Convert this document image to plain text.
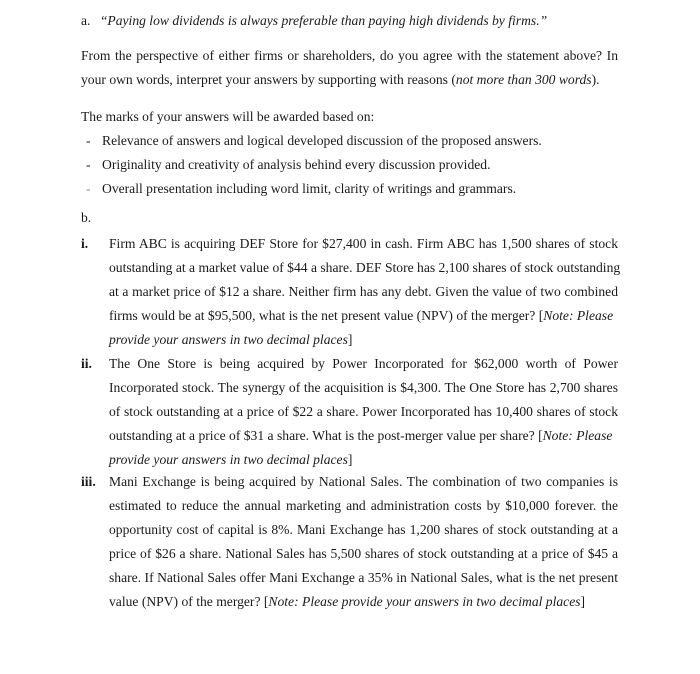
a. “Paying low dividends is always preferable than paying high dividends by firms.”
From the perspective of either firms or shareholders, do you agree with the statement above? In
your own words, interpret your answers by supporting with reasons (not more than 300 words).
The marks of your answers will be awarded based on:
- Relevance of answers and logical developed discussion of the proposed answers.
- Originality and creativity of analysis behind every discussion provided.
- Overall presentation including word limit, clarity of writings and grammars.
b.
i. Firm ABC is acquiring DEF Store for $27,400 in cash. Firm ABC has 1,500 shares of stock
outstanding at a market value of $44 a share. DEF Store has 2,100 shares of stock outstanding
at a market price of $12 a share. Neither firm has any debt. Given the value of two combined
firms would be at $95,500, what is the net present value (NPV) of the merger? [Note: Please
provide your answers in two decimal places]
ii. The One Store is being acquired by Power Incorporated for $62,000 worth of Power
Incorporated stock. The synergy of the acquisition is $4,300. The One Store has 2,700 shares
of stock outstanding at a price of $22 a share. Power Incorporated has 10,400 shares of stock
outstanding at a price of $31 a share. What is the post-merger value per share? [Note: Please
provide your answers in two decimal places]
iii. Mani Exchange is being acquired by National Sales. The combination of two companies is
estimated to reduce the annual marketing and administration costs by $10,000 forever. the
opportunity cost of capital is 8%. Mani Exchange has 1,200 shares of stock outstanding at a
price of $26 a share. National Sales has 5,500 shares of stock outstanding at a price of $45 a
share. If National Sales offer Mani Exchange a 35% in National Sales, what is the net present
value (NPV) of the merger? [Note: Please provide your answers in two decimal places]
